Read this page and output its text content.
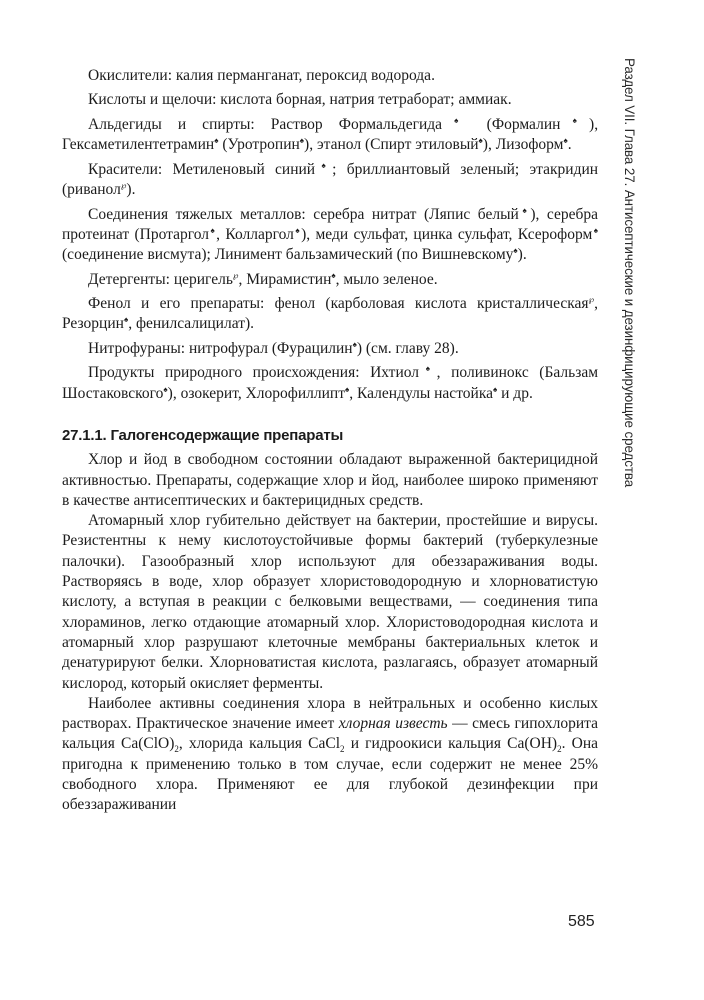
Раздел VII. Глава 27. Антисептические и дезинфицирующие средства

Окислители: калия перманганат, пероксид водорода.

Кислоты и щелочи: кислота борная, натрия тетраборат; аммиак.

Альдегиды и спирты: Раствор Формальдегида♠ (Формалин♠), Гексаметилентетрамин♠ (Уротропин♠), этанол (Спирт этиловый♠), Лизоформ♠.

Красители: Метиленовый синий♠; бриллиантовый зеленый; этакридин (риванол℘).

Соединения тяжелых металлов: серебра нитрат (Ляпис белый♠), серебра протеинат (Протаргол♠, Колларгол♠), меди сульфат, цинка сульфат, Ксероформ♠ (соединение висмута); Линимент бальзамический (по Вишневскому♠).

Детергенты: церигель℘, Мирамистин♠, мыло зеленое.

Фенол и его препараты: фенол (карболовая кислота кристаллическая℘, Резорцин♠, фенилсалицилат).

Нитрофураны: нитрофурал (Фурацилин♠) (см. главу 28).

Продукты природного происхождения: Ихтиол♠, поливинокс (Бальзам Шостаковского♠), озокерит, Хлорофиллипт♠, Календулы настойка♠ и др.

27.1.1. Галогенсодержащие препараты

Хлор и йод в свободном состоянии обладают выраженной бактерицидной активностью. Препараты, содержащие хлор и йод, наиболее широко применяют в качестве антисептических и бактерицидных средств.

Атомарный хлор губительно действует на бактерии, простейшие и вирусы. Резистентны к нему кислотоустойчивые формы бактерий (туберкулезные палочки). Газообразный хлор используют для обеззараживания воды. Растворяясь в воде, хлор образует хлористоводородную и хлорноватистую кислоту, а вступая в реакции с белковыми веществами, — соединения типа хлораминов, легко отдающие атомарный хлор. Хлористоводородная кислота и атомарный хлор разрушают клеточные мембраны бактериальных клеток и денатурируют белки. Хлорноватистая кислота, разлагаясь, образует атомарный кислород, который окисляет ферменты.

Наиболее активны соединения хлора в нейтральных и особенно кислых растворах. Практическое значение имеет хлорная известь — смесь гипохлорита кальция $Ca(ClO)_2$, хлорида кальция CaCl$_2$ и гидроокиси кальция $Ca(OH)_2$. Она пригодна к применению только в том случае, если содержит не менее 25% свободного хлора. Применяют ее для глубокой дезинфекции при обеззараживании

585
